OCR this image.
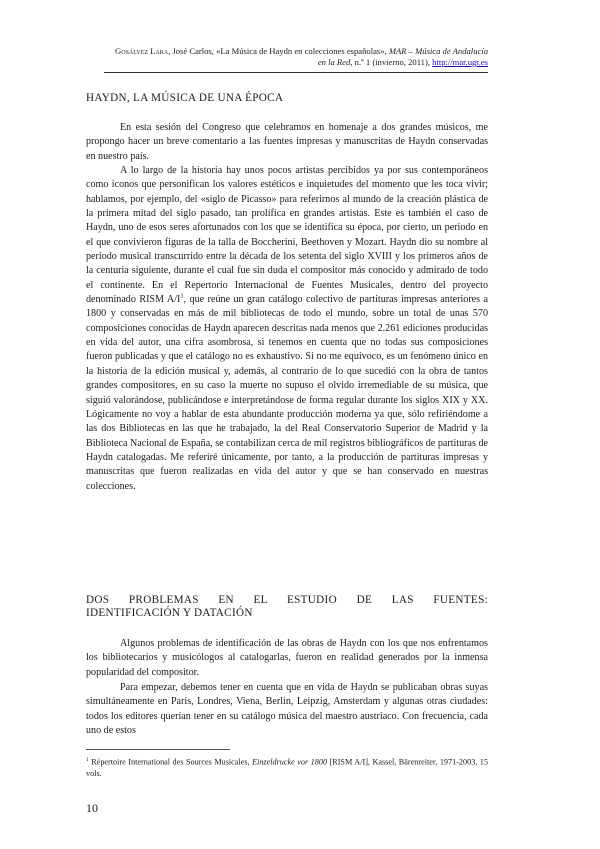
Gosálvez Lara, José Carlos, «La Música de Haydn en colecciones españolas», MAR – Música de Andalucía en la Red, n.º 1 (invierno, 2011), http://mar.ugr.es
HAYDN, LA MÚSICA DE UNA ÉPOCA

En esta sesión del Congreso que celebramos en homenaje a dos grandes músicos, me propongo hacer un breve comentario a las fuentes impresas y manuscritas de Haydn conservadas en nuestro país.

A lo largo de la historia hay unos pocos artistas percibidos ya por sus contemporáneos como iconos que personifican los valores estéticos e inquietudes del momento que les toca vivir; hablamos, por ejemplo, del «siglo de Picasso» para referirnos al mundo de la creación plástica de la primera mitad del siglo pasado, tan prolífica en grandes artistas. Este es también el caso de Haydn, uno de esos seres afortunados con los que se identifica su época, por cierto, un periodo en el que convivieron figuras de la talla de Boccherini, Beethoven y Mozart. Haydn dio su nombre al periodo musical transcurrido entre la década de los setenta del siglo XVIII y los primeros años de la centuria siguiente, durante el cual fue sin duda el compositor más conocido y admirado de todo el continente. En el Repertorio Internacional de Fuentes Musicales, dentro del proyecto denominado RISM $A/I^1$, que reúne un gran catálogo colectivo de partituras impresas anteriores a 1800 y conservadas en más de mil bibliotecas de todo el mundo, sobre un total de unas 570 composiciones conocidas de Haydn aparecen descritas nada menos que 2.261 ediciones producidas en vida del autor, una cifra asombrosa, si tenemos en cuenta que no todas sus composiciones fueron publicadas y que el catálogo no es exhaustivo. Si no me equivoco, es un fenómeno único en la historia de la edición musical y, además, al contrario de lo que sucedió con la obra de tantos grandes compositores, en su caso la muerte no supuso el olvido irremediable de su música, que siguió valorándose, publicándose e interpretándose de forma regular durante los siglos XIX y XX. Lógicamente no voy a hablar de esta abundante producción moderna ya que, sólo refiriéndome a las dos Bibliotecas en las que he trabajado, la del Real Conservatorio Superior de Madrid y la Biblioteca Nacional de España, se contabilizan cerca de mil registros bibliográficos de partituras de Haydn catalogadas. Me referiré únicamente, por tanto, a la producción de partituras impresas y manuscritas que fueron realizadas en vida del autor y que se han conservado en nuestras colecciones.

DOS PROBLEMAS EN EL ESTUDIO DE LAS FUENTES:
IDENTIFICACIÓN Y DATACIÓN

Algunos problemas de identificación de las obras de Haydn con los que nos enfrentamos los bibliotecarios y musicólogos al catalogarlas, fueron en realidad generados por la inmensa popularidad del compositor.

Para empezar, debemos tener en cuenta que en vida de Haydn se publicaban obras suyas simultáneamente en París, Londres, Viena, Berlín, Leipzig, Amsterdam y algunas otras ciudades: todos los editores querían tener en su catálogo música del maestro austriaco. Con frecuencia, cada uno de estos

$^1$ Répertoire International des Sources Musicales, Einzeldrucke vor 1800 [RISM A/I], Kassel, Bärenreiter, 1971-2003, 15 vols.

10
